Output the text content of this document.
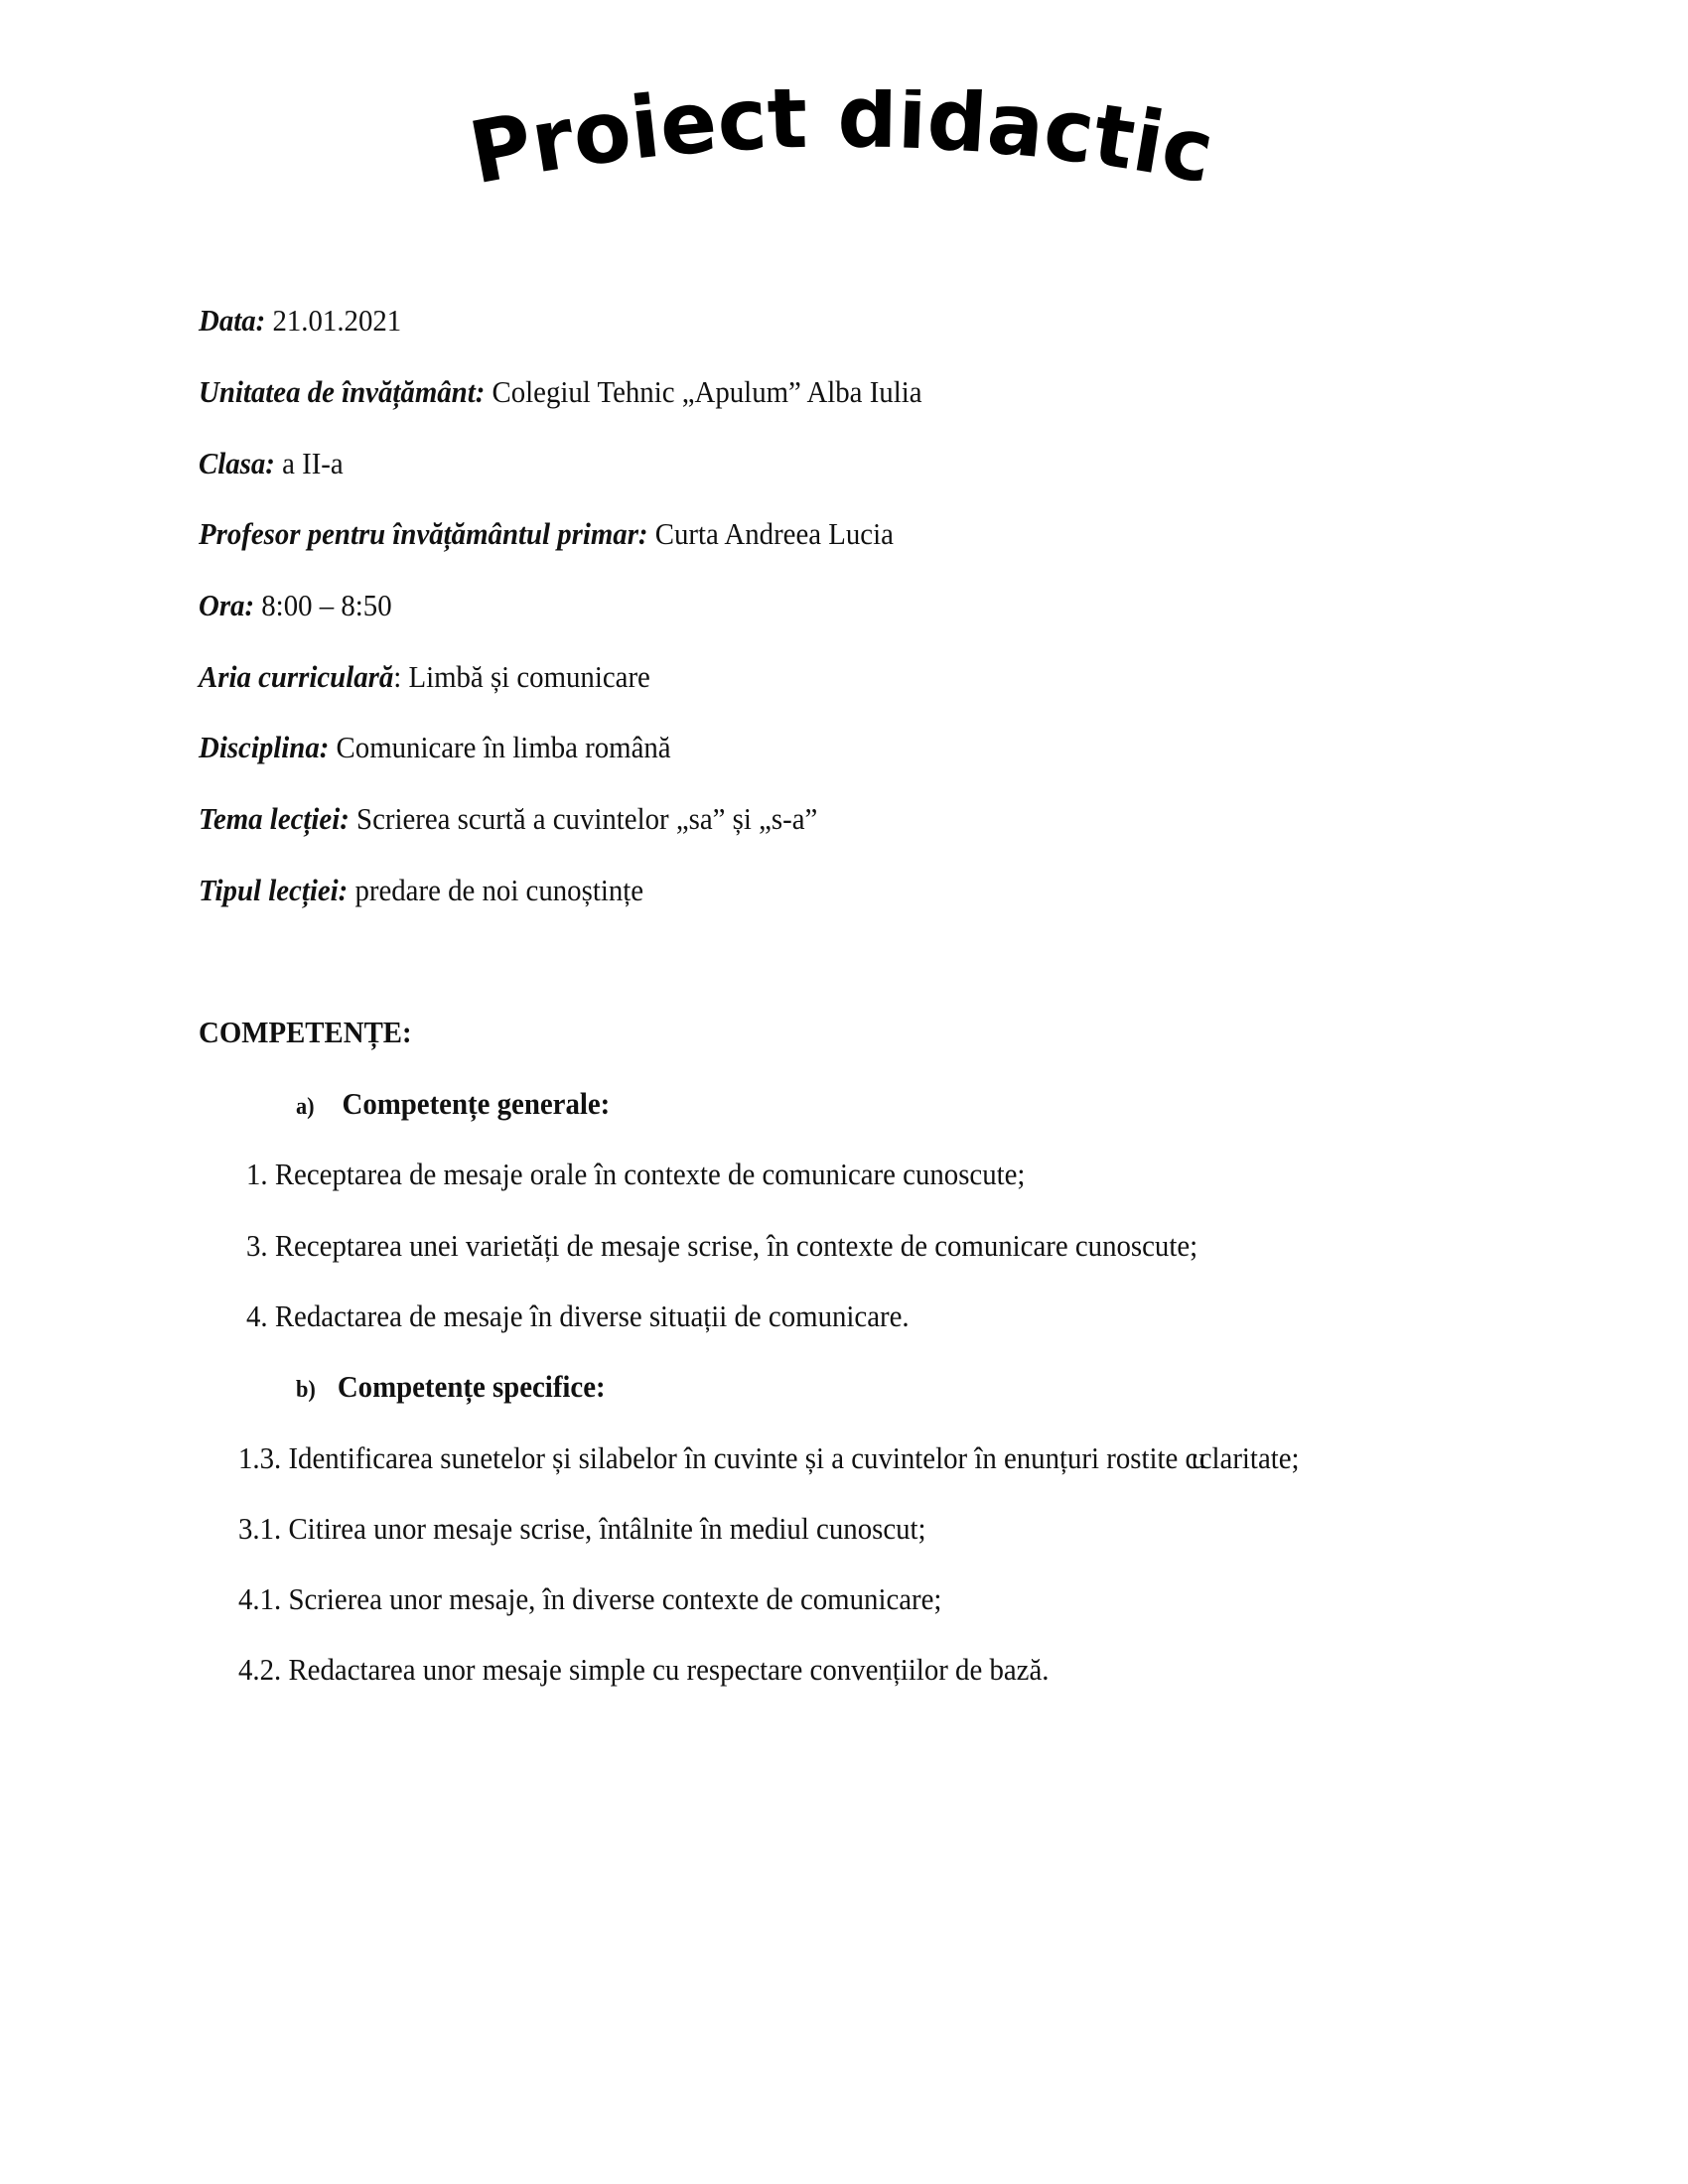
Proiect didactic
Data: 21.01.2021
Unitatea de învățământ: Colegiul Tehnic „Apulum” Alba Iulia
Clasa: a II-a
Profesor pentru învățământul primar: Curta Andreea Lucia
Ora: 8:00 – 8:50
Aria curriculară: Limbă și comunicare
Disciplina: Comunicare în limba română
Tema lecției: Scrierea scurtă a cuvintelor „sa” și „s-a”
Tipul lecției: predare de noi cunoștințe
COMPETENȚE:
a) Competențe generale:
1. Receptarea de mesaje orale în contexte de comunicare cunoscute;
3. Receptarea unei varietăți de mesaje scrise, în contexte de comunicare cunoscute;
4. Redactarea de mesaje în diverse situații de comunicare.
b) Competențe specifice:
1.3. Identificarea sunetelor și silabelor în cuvinte și a cuvintelor în enunțuri rostite cuclaritate;
3.1. Citirea unor mesaje scrise, întâlnite în mediul cunoscut;
4.1. Scrierea unor mesaje, în diverse contexte de comunicare;
4.2. Redactarea unor mesaje simple cu respectare convențiilor de bază.
